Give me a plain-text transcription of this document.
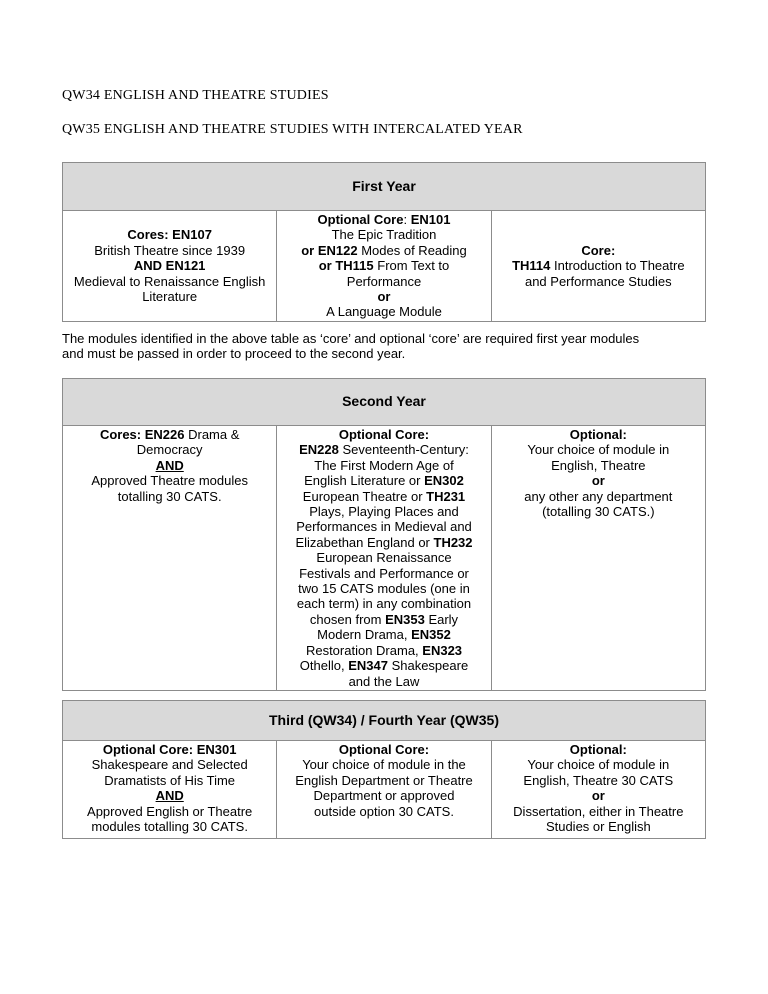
QW34 ENGLISH AND THEATRE STUDIES
QW35 ENGLISH AND THEATRE STUDIES WITH INTERCALATED YEAR
First Year

Cores: EN107
British Theatre since 1939
AND EN121
Medieval to Renaissance English
Literature

Optional Core: EN101
The Epic Tradition
or EN122 Modes of Reading
or TH115 From Text to
Performance
or
A Language Module

Core:
TH114 Introduction to Theatre
and Performance Studies
The modules identified in the above table as ‘core’ and optional ‘core’ are required first year modules
and must be passed in order to proceed to the second year.
Second Year

Cores: EN226 Drama &
Democracy
AND
Approved Theatre modules
totalling 30 CATS.

Optional Core:
EN228 Seventeenth-Century:
The First Modern Age of
English Literature or EN302
European Theatre or TH231
Plays, Playing Places and
Performances in Medieval and
Elizabethan England or TH232
European Renaissance
Festivals and Performance or
two 15 CATS modules (one in
each term) in any combination
chosen from EN353 Early
Modern Drama, EN352
Restoration Drama, EN323
Othello, EN347 Shakespeare
and the Law

Optional:
Your choice of module in
English, Theatre
or
any other any department
(totalling 30 CATS.)
Third (QW34) / Fourth Year (QW35)

Optional Core: EN301
Shakespeare and Selected
Dramatists of His Time
AND
Approved English or Theatre
modules totalling 30 CATS.

Optional Core:
Your choice of module in the
English Department or Theatre
Department or approved
outside option 30 CATS.

Optional:
Your choice of module in
English, Theatre 30 CATS
or
Dissertation, either in Theatre
Studies or English
